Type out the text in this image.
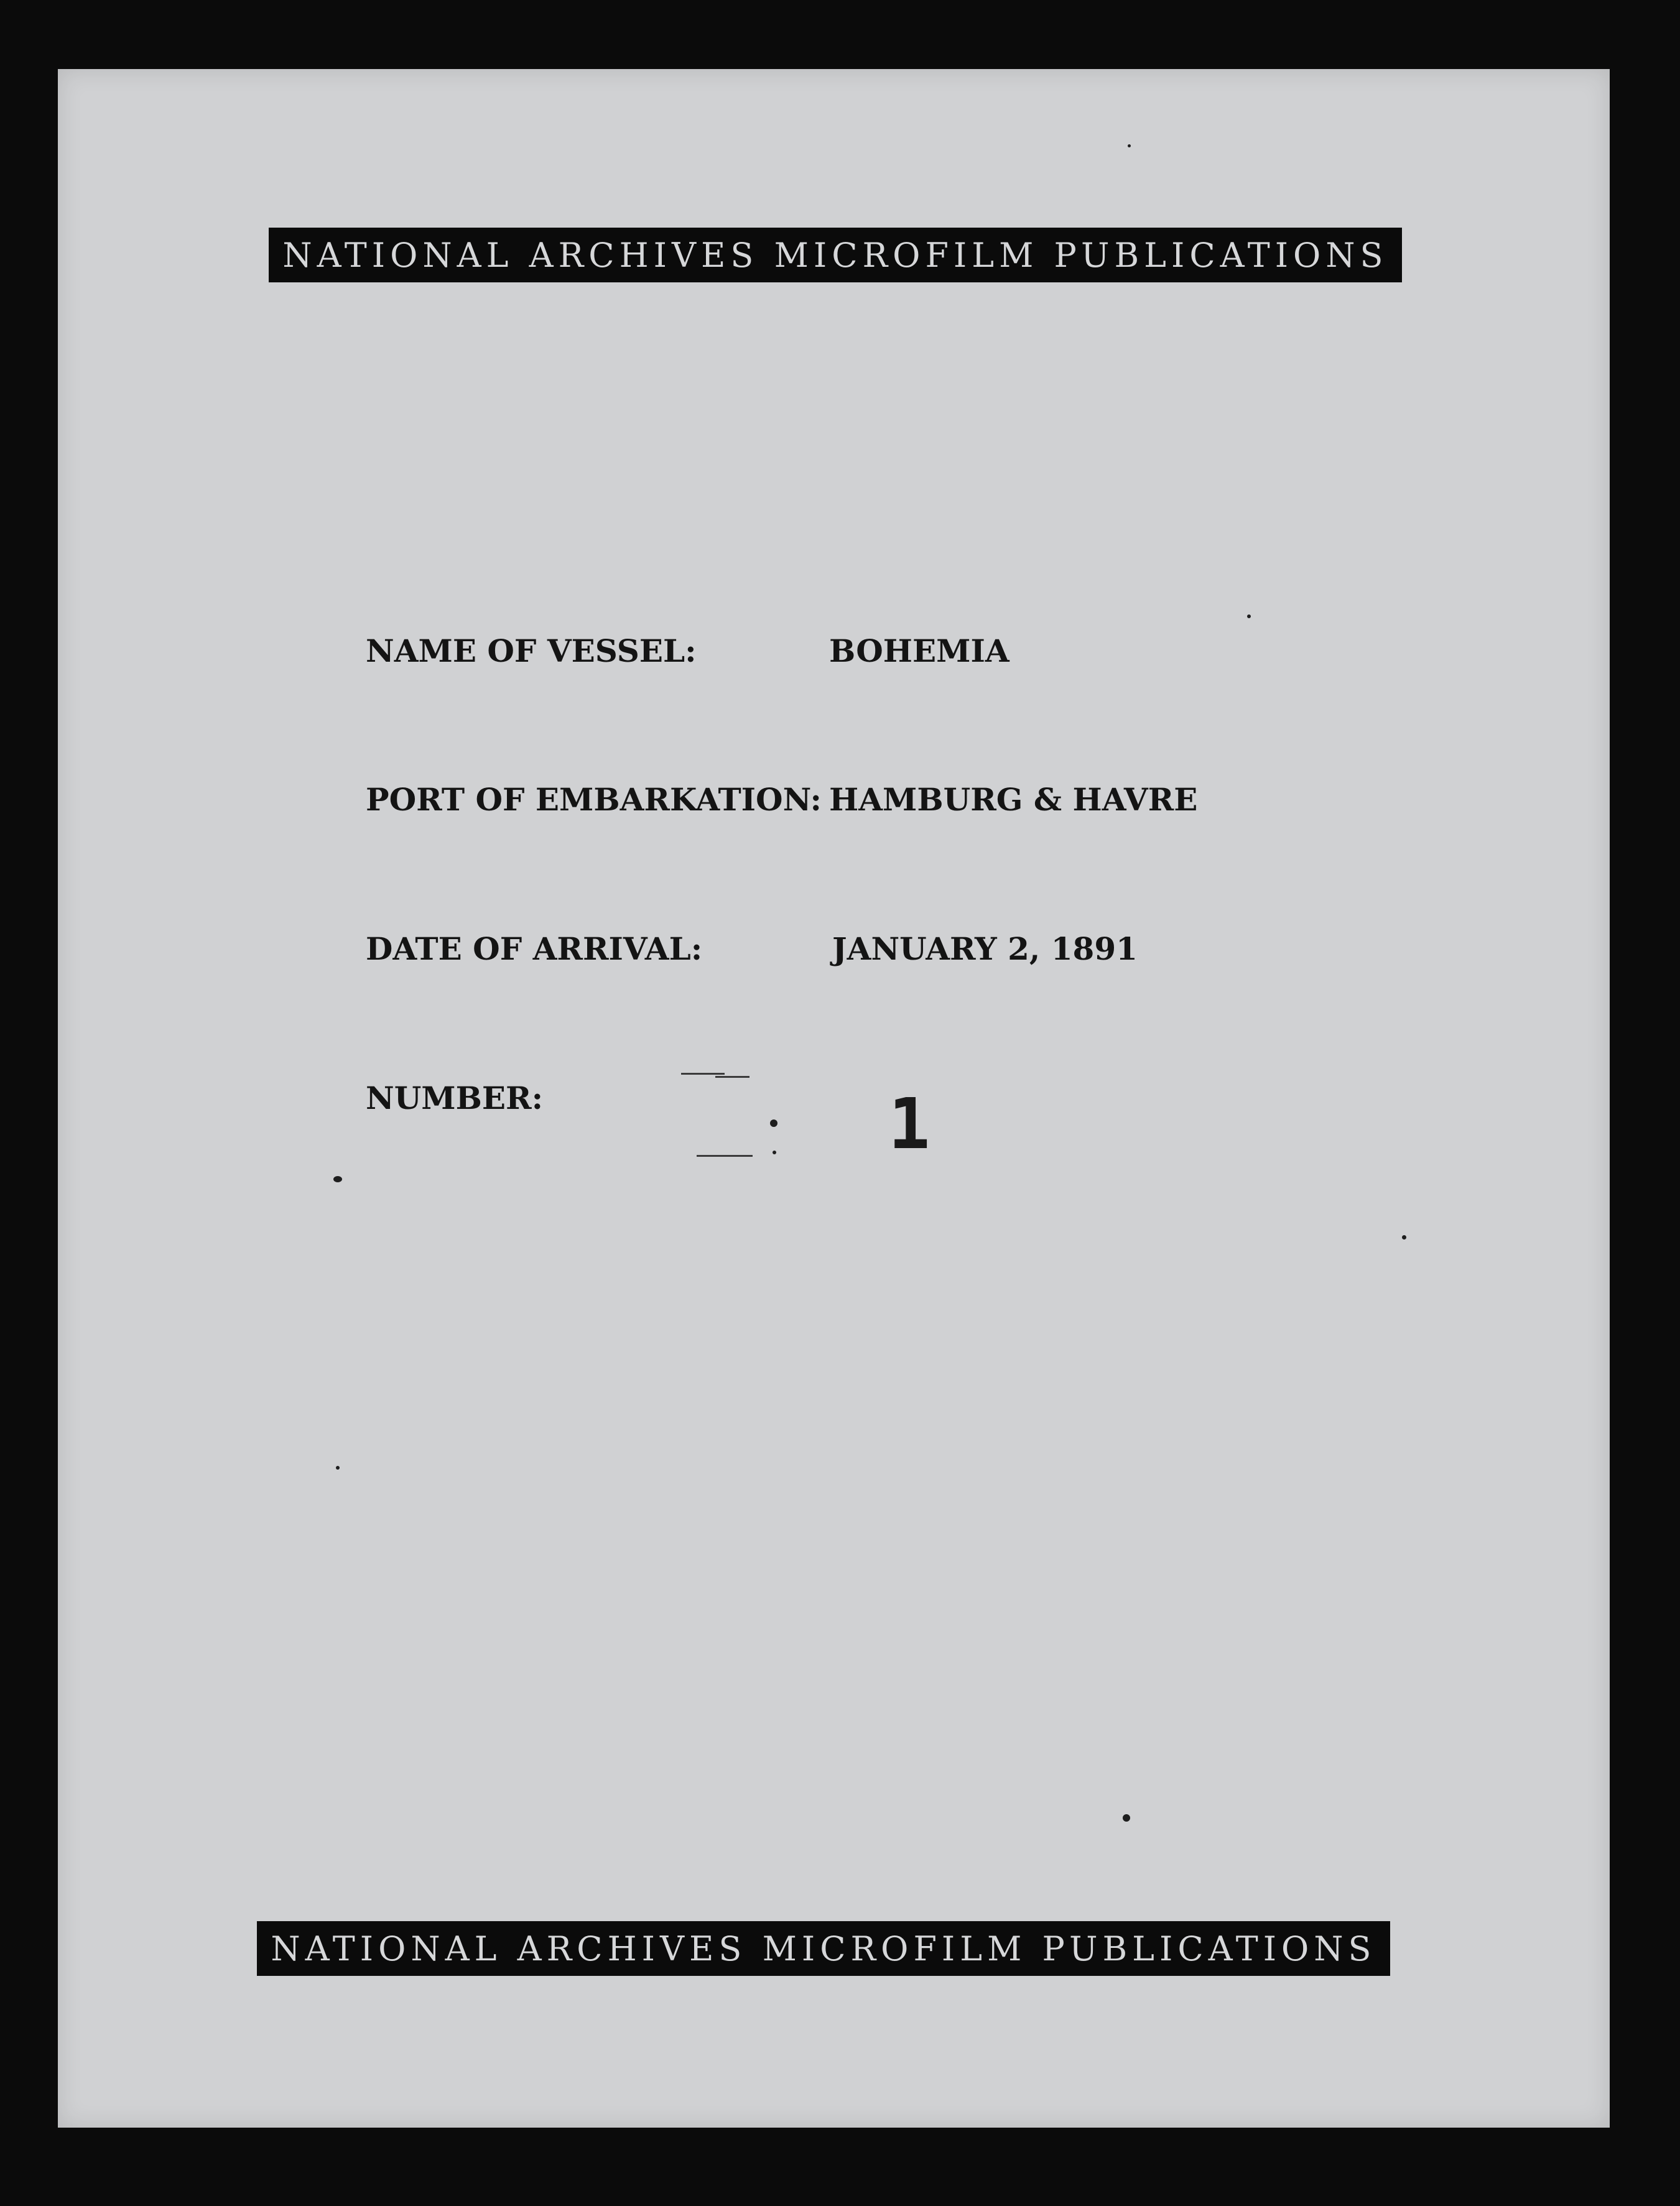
NATIONAL ARCHIVES MICROFILM PUBLICATIONS
NAME OF VESSEL:	BOHEMIA
PORT OF EMBARKATION: HAMBURG & HAVRE
DATE OF ARRIVAL:	JANUARY 2, 1891
NUMBER:	1
NATIONAL ARCHIVES MICROFILM PUBLICATIONS
